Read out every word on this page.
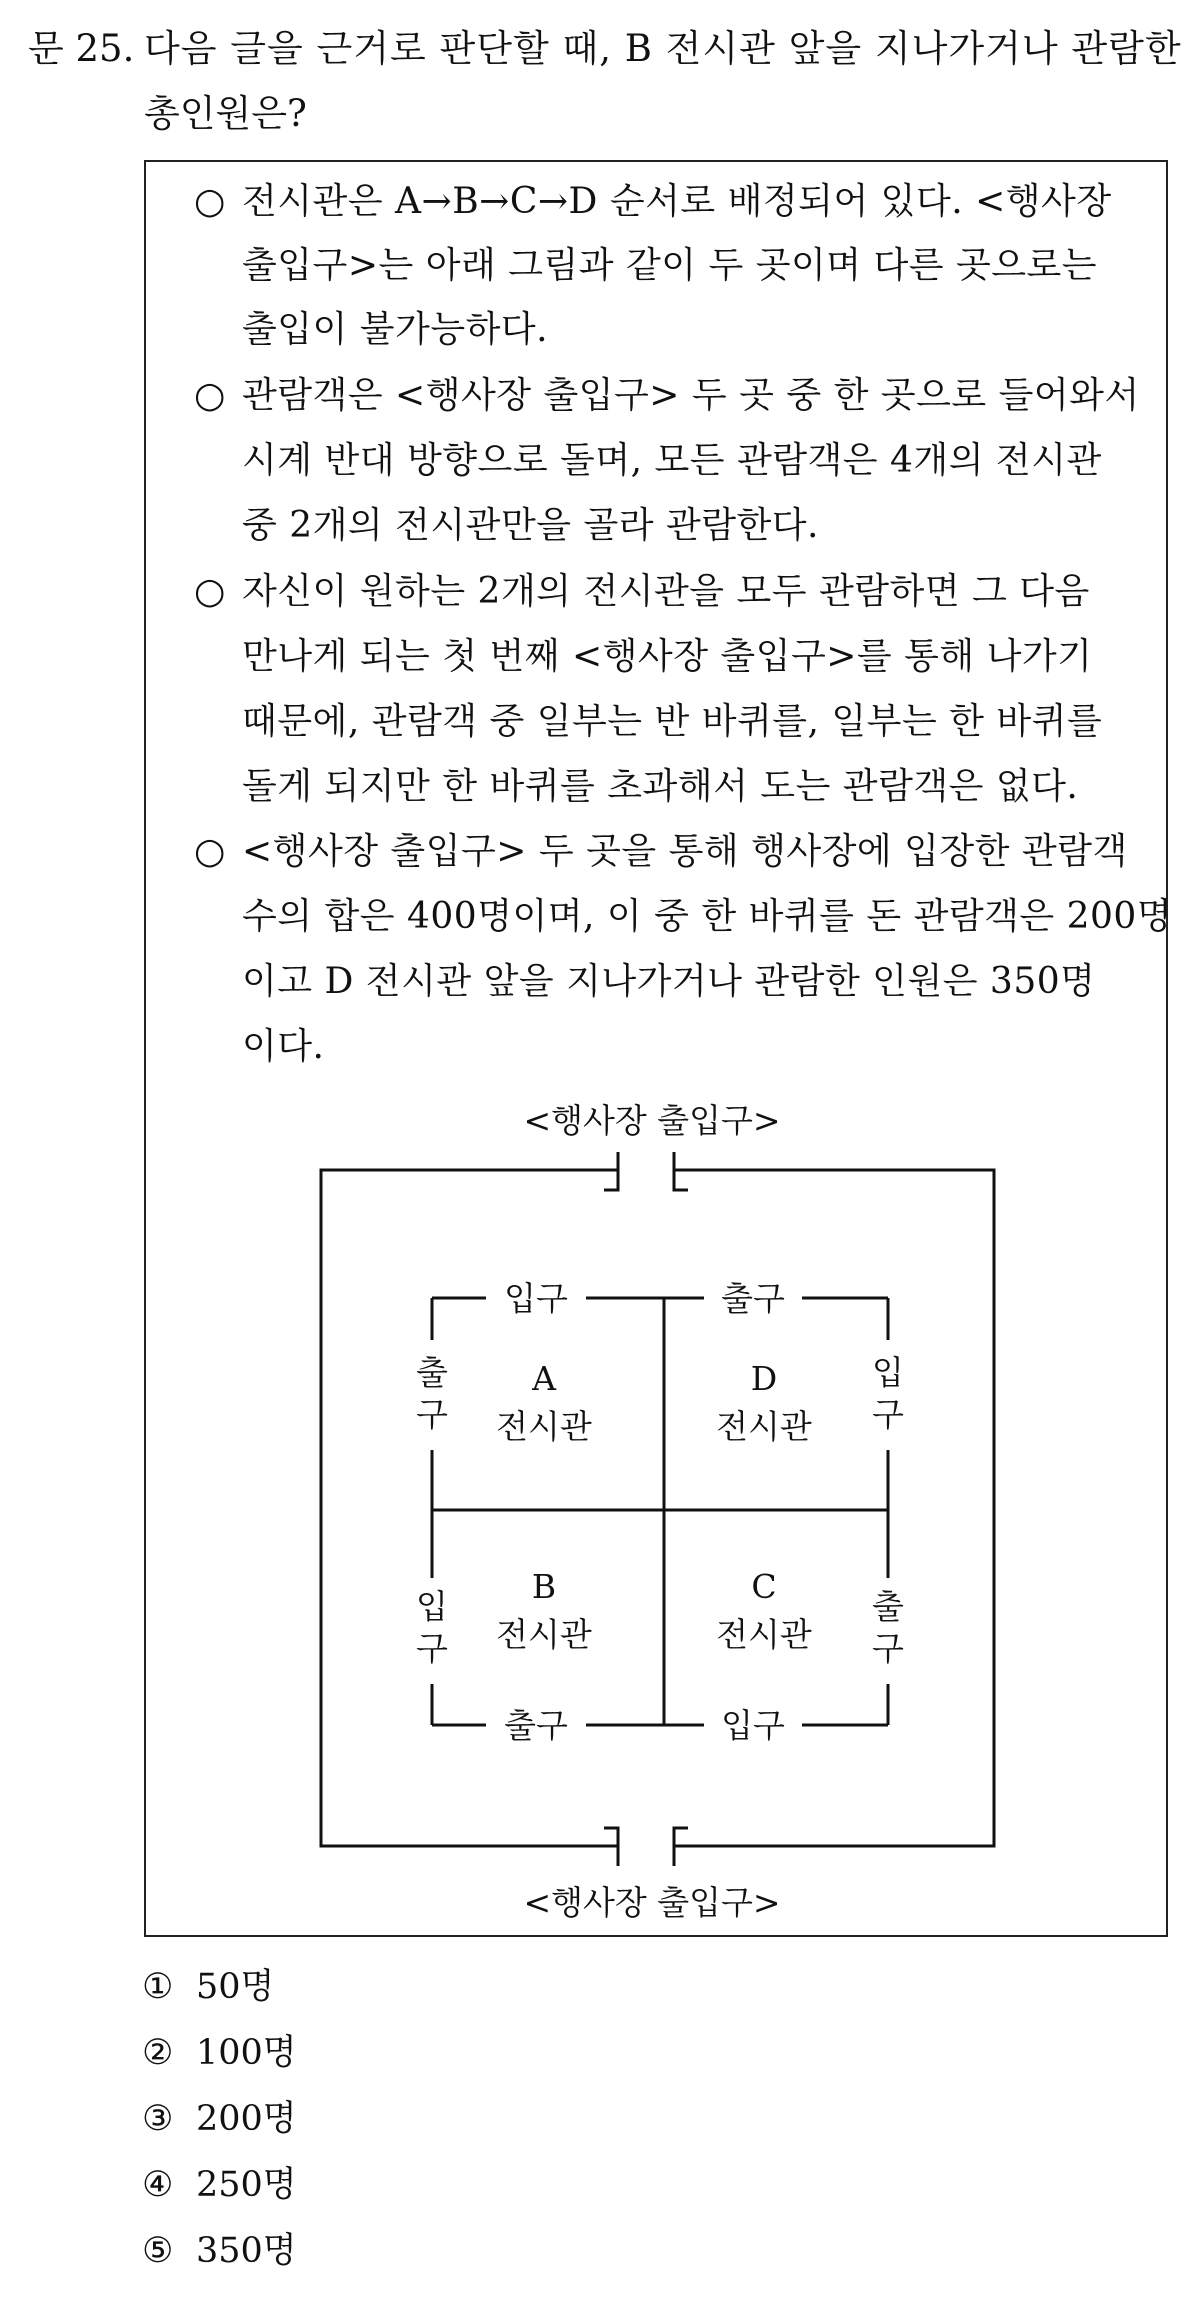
문 25. 다음 글을 근거로 판단할 때, B 전시관 앞을 지나가거나 관람한
총인원은?
○ 전시관은 A→B→C→D 순서로 배정되어 있다. <행사장
출입구>는 아래 그림과 같이 두 곳이며 다른 곳으로는
출입이 불가능하다.
○ 관람객은 <행사장 출입구> 두 곳 중 한 곳으로 들어와서
시계 반대 방향으로 돌며, 모든 관람객은 4개의 전시관
중 2개의 전시관만을 골라 관람한다.
○ 자신이 원하는 2개의 전시관을 모두 관람하면 그 다음
만나게 되는 첫 번째 <행사장 출입구>를 통해 나가기
때문에, 관람객 중 일부는 반 바퀴를, 일부는 한 바퀴를
돌게 되지만 한 바퀴를 초과해서 도는 관람객은 없다.
○ <행사장 출입구> 두 곳을 통해 행사장에 입장한 관람객
수의 합은 400명이며, 이 중 한 바퀴를 돈 관람객은 200명
이고 D 전시관 앞을 지나가거나 관람한 인원은 350명
이다.
<행사장 출입구>
<행사장 출입구>
A
전시관
D
전시관
B
전시관
C
전시관
입구	출구
출구	입구
출
구
입
구
입
구
출
구
① 50명
② 100명
③ 200명
④ 250명
⑤ 350명
